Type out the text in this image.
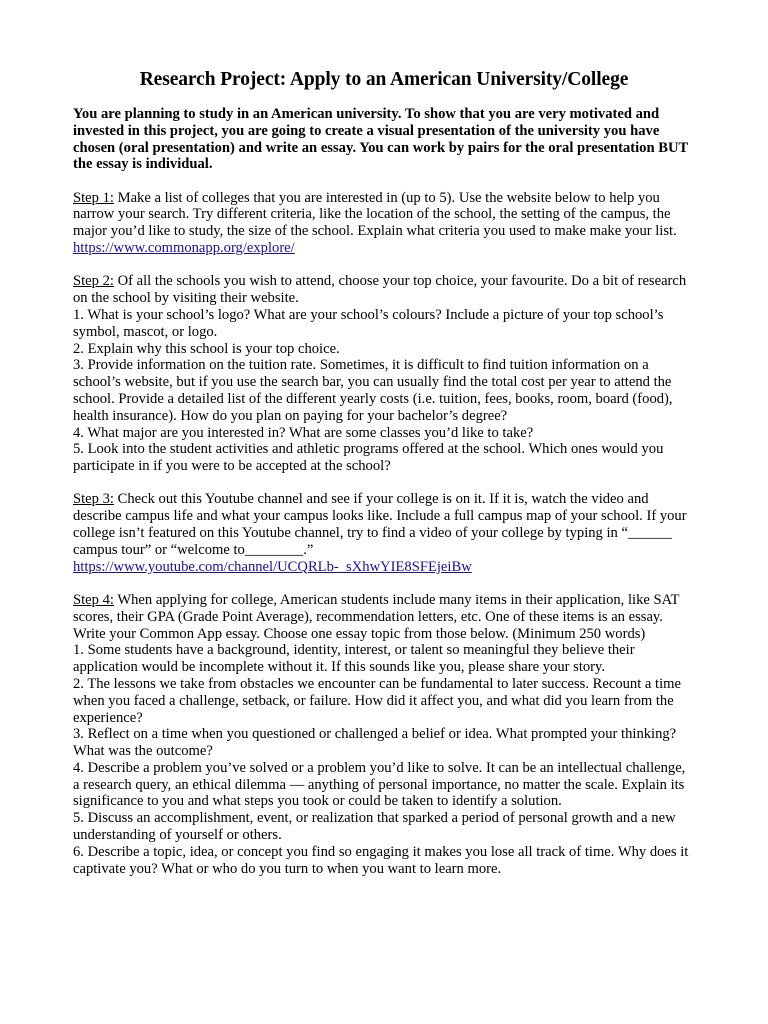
Research Project: Apply to an American University/College

You are planning to study in an American university. To show that you are very motivated and invested in this project, you are going to create a visual presentation of the university you have chosen (oral presentation) and write an essay. You can work by pairs for the oral presentation BUT the essay is individual.

Step 1: Make a list of colleges that you are interested in (up to 5). Use the website below to help you narrow your search. Try different criteria, like the location of the school, the setting of the campus, the major you’d like to study, the size of the school. Explain what criteria you used to make make your list.

https://www.commonapp.org/explore/

Step 2: Of all the schools you wish to attend, choose your top choice, your favourite. Do a bit of research on the school by visiting their website.

1. What is your school’s logo? What are your school’s colours? Include a picture of your top school’s symbol, mascot, or logo.

2. Explain why this school is your top choice.

3. Provide information on the tuition rate. Sometimes, it is difficult to find tuition information on a school’s website, but if you use the search bar, you can usually find the total cost per year to attend the school. Provide a detailed list of the different yearly costs (i.e. tuition, fees, books, room, board (food), health insurance). How do you plan on paying for your bachelor’s degree?

4. What major are you interested in? What are some classes you’d like to take?

5. Look into the student activities and athletic programs offered at the school. Which ones would you participate in if you were to be accepted at the school?

Step 3: Check out this Youtube channel and see if your college is on it. If it is, watch the video and describe campus life and what your campus looks like. Include a full campus map of your school. If your college isn’t featured on this Youtube channel, try to find a video of your college by typing in “______ campus tour” or “welcome to________.”

https://www.youtube.com/channel/UCQRLb-_sXhwYIE8SFEjeiBw

Step 4: When applying for college, American students include many items in their application, like SAT scores, their GPA (Grade Point Average), recommendation letters, etc. One of these items is an essay. Write your Common App essay. Choose one essay topic from those below. (Minimum 250 words)

1. Some students have a background, identity, interest, or talent so meaningful they believe their application would be incomplete without it. If this sounds like you, please share your story.

2. The lessons we take from obstacles we encounter can be fundamental to later success. Recount a time when you faced a challenge, setback, or failure. How did it affect you, and what did you learn from the experience?

3. Reflect on a time when you questioned or challenged a belief or idea. What prompted your thinking? What was the outcome?

4. Describe a problem you’ve solved or a problem you’d like to solve. It can be an intellectual challenge, a research query, an ethical dilemma — anything of personal importance, no matter the scale. Explain its significance to you and what steps you took or could be taken to identify a solution.

5. Discuss an accomplishment, event, or realization that sparked a period of personal growth and a new understanding of yourself or others.

6. Describe a topic, idea, or concept you find so engaging it makes you lose all track of time. Why does it captivate you? What or who do you turn to when you want to learn more.
